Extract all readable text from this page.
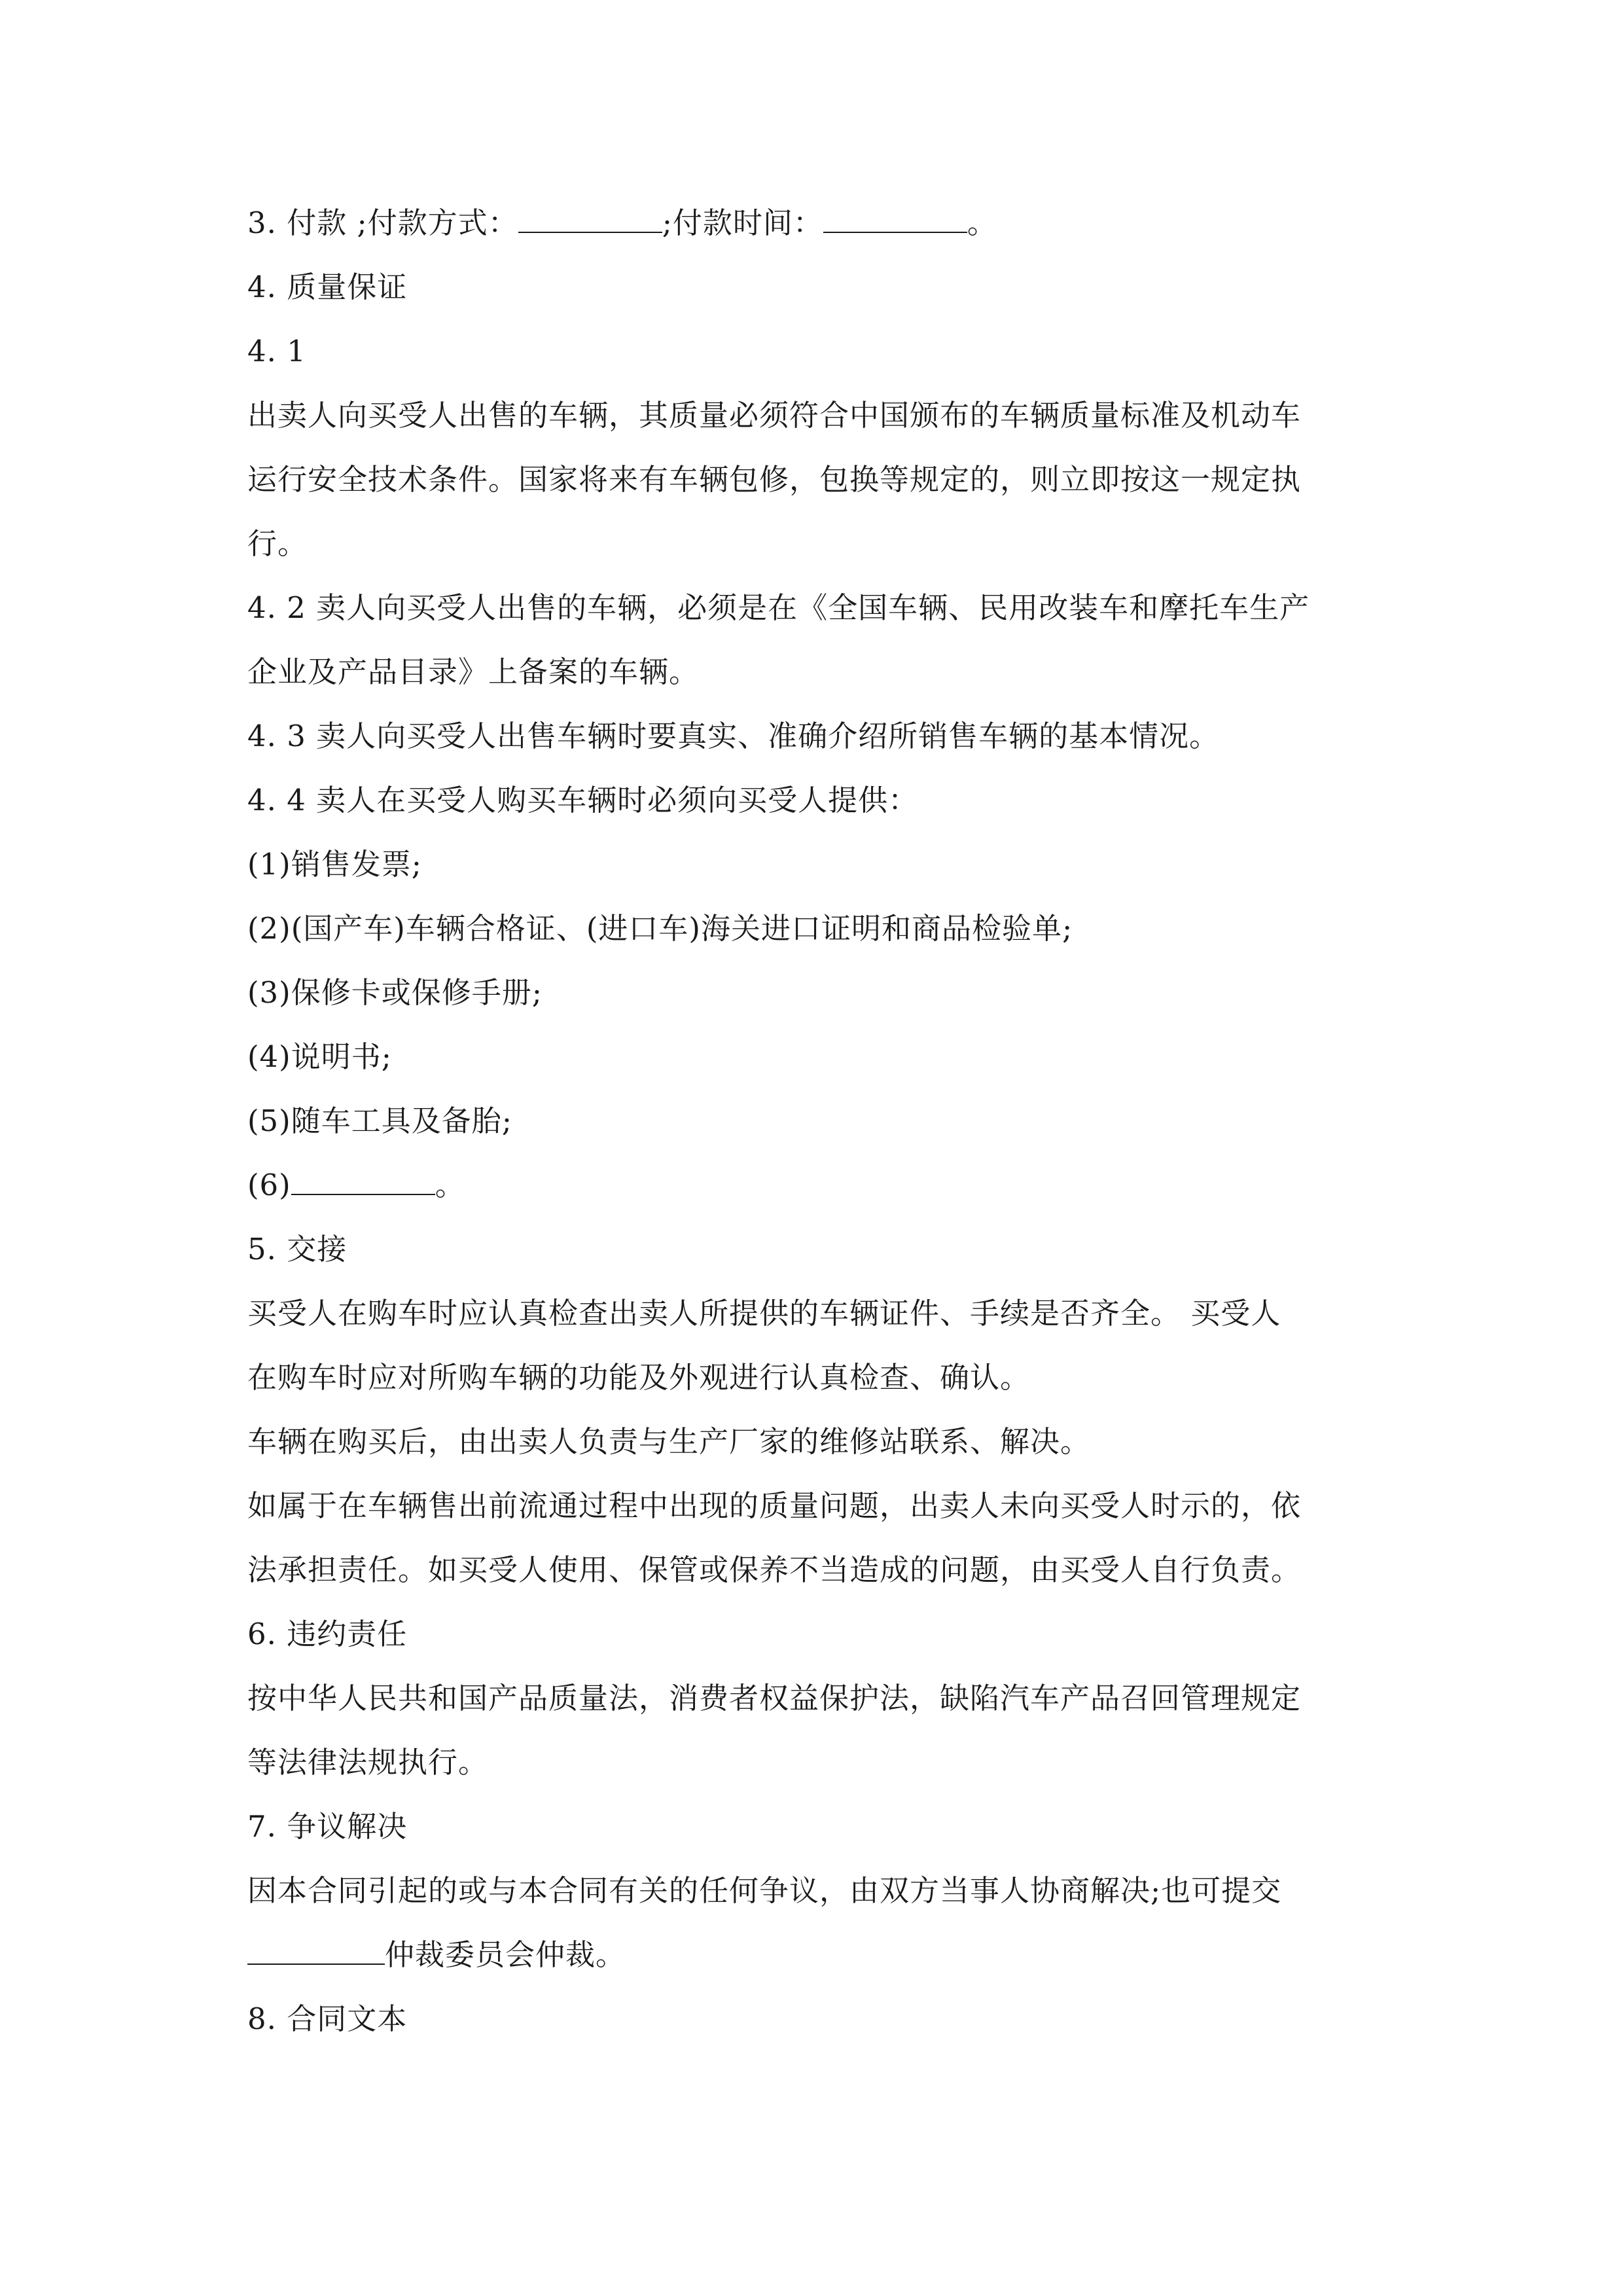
3. 付款 ;付款方式：	;付款时间：	。
4. 质量保证
4. 1
出卖人向买受人出售的车辆，其质量必须符合中国颁布的车辆质量标准及机动车
运行安全技术条件。国家将来有车辆包修，包换等规定的，则立即按这一规定执
行。
4. 2 卖人向买受人出售的车辆，必须是在《全国车辆、民用改装车和摩托车生产
企业及产品目录》上备案的车辆。
4. 3 卖人向买受人出售车辆时要真实、准确介绍所销售车辆的基本情况。
4. 4 卖人在买受人购买车辆时必须向买受人提供：
(1)销售发票;
(2)(国产车)车辆合格证、(进口车)海关进口证明和商品检验单;
(3)保修卡或保修手册;
(4)说明书;
(5)随车工具及备胎;
(6)	。
5. 交接
买受人在购车时应认真检查出卖人所提供的车辆证件、手续是否齐全。 买受人
在购车时应对所购车辆的功能及外观进行认真检查、确认。
车辆在购买后，由出卖人负责与生产厂家的维修站联系、解决。
如属于在车辆售出前流通过程中出现的质量问题，出卖人未向买受人时示的，依
法承担责任。如买受人使用、保管或保养不当造成的问题，由买受人自行负责。
6. 违约责任
按中华人民共和国产品质量法，消费者权益保护法，缺陷汽车产品召回管理规定
等法律法规执行。
7. 争议解决
因本合同引起的或与本合同有关的任何争议，由双方当事人协商解决;也可提交
仲裁委员会仲裁。
8. 合同文本
